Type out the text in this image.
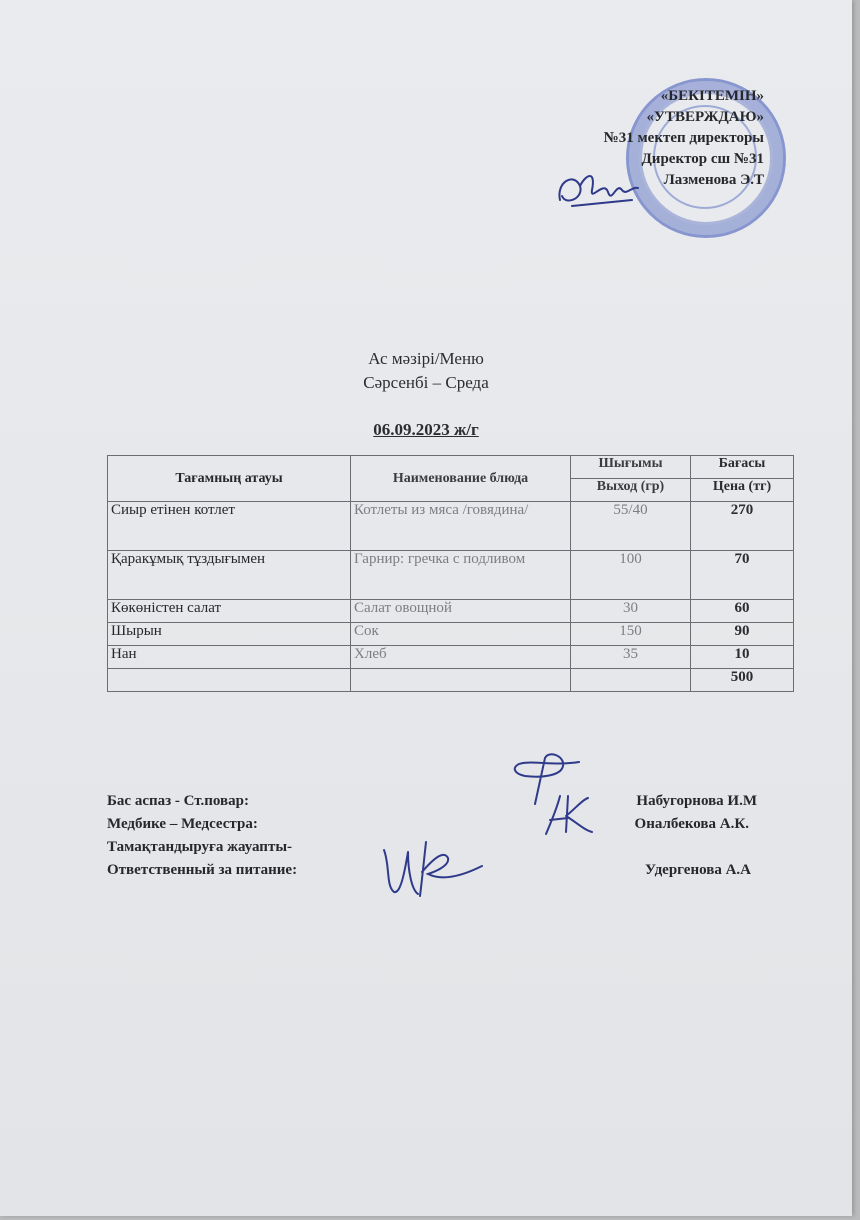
«БЕКІТЕМІН»
«УТВЕРЖДАЮ»
№31 мектеп директоры
Директор сш №31
Лазменова Э.Т
Ас мәзірі/Меню
Сәрсенбі – Среда
06.09.2023 ж/г
Тағамның атауы	Наименование блюда	Шығымы	Бағасы
		Выход (гр)	Цена (тг)
Сиыр етінен котлет	Котлеты из мяса /говядина/	55/40	270
Қаракұмық тұздығымен	Гарнир: гречка с подливом	100	70
Көкөністен салат	Салат овощной	30	60
Шырын	Сок	150	90
Нан	Хлеб	35	10
			500
Бас аспаз - Ст.повар:	Набугорнова И.М
Медбике – Медсестра:	Оналбекова А.К.
Тамақтандыруға жауапты-
Ответственный за питание:	Удергенова А.А
